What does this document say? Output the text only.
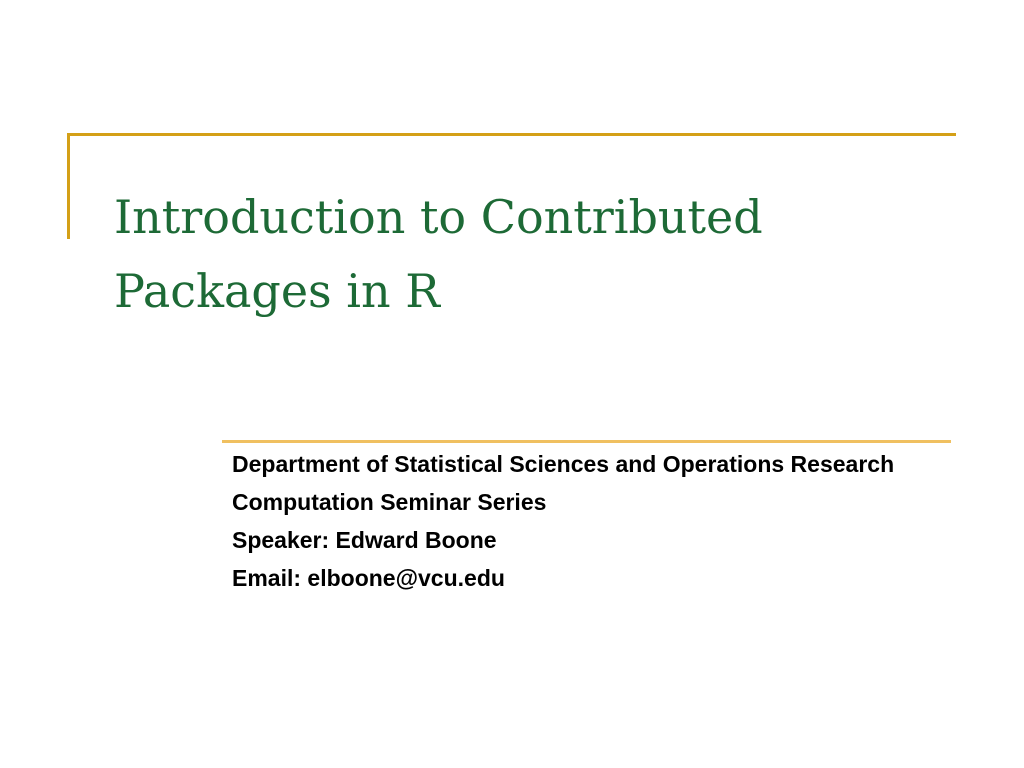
Introduction to Contributed
Packages in R
Department of Statistical Sciences and Operations Research
Computation Seminar Series
Speaker: Edward Boone
Email: elboone@vcu.edu
